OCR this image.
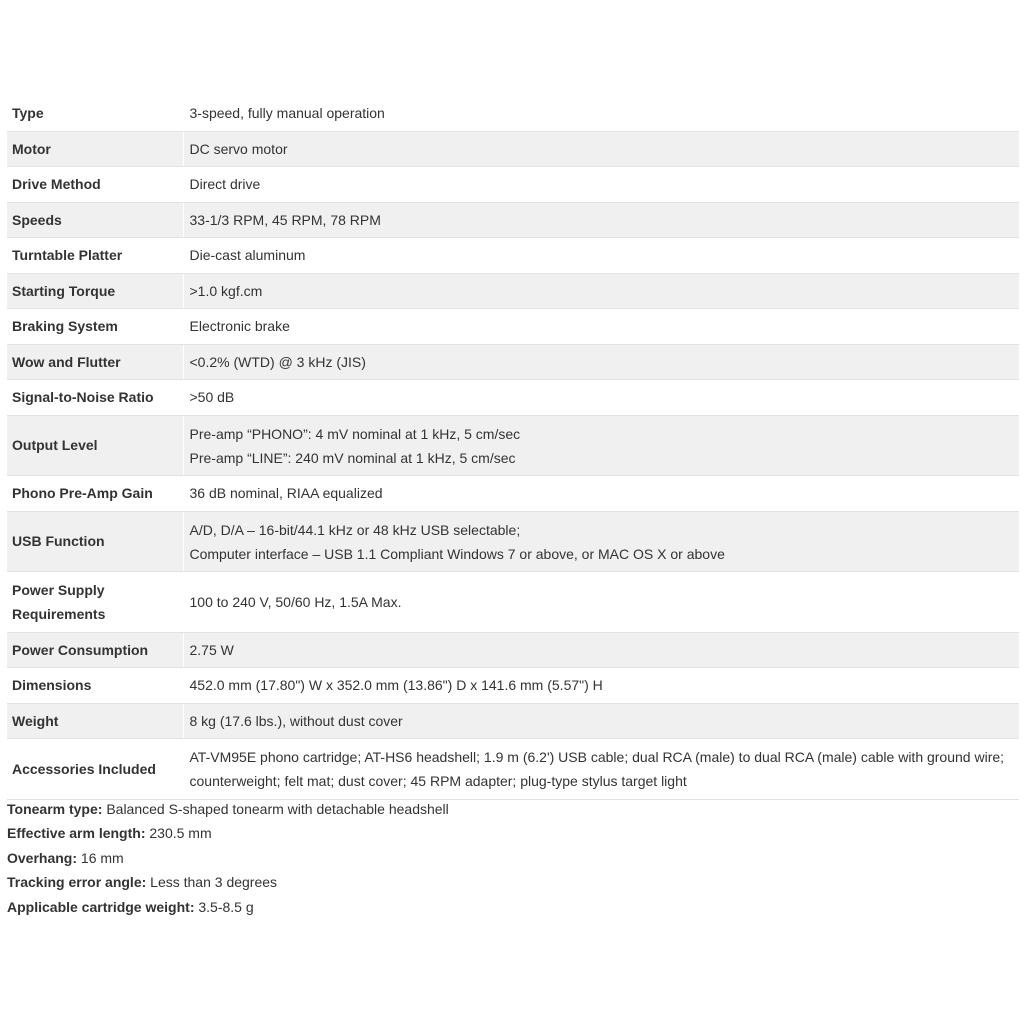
Type	3-speed, fully manual operation

Motor	DC servo motor

Drive Method	Direct drive

Speeds	33-1/3 RPM, 45 RPM, 78 RPM

Turntable Platter	Die-cast aluminum

Starting Torque	>1.0 kgf.cm

Braking System	Electronic brake

Wow and Flutter	<0.2% (WTD) @ 3 kHz (JIS)

Signal-to-Noise Ratio	>50 dB

Output Level	Pre-amp “PHONO”: 4 mV nominal at 1 kHz, 5 cm/sec
Pre-amp “LINE”: 240 mV nominal at 1 kHz, 5 cm/sec

Phono Pre-Amp Gain	36 dB nominal, RIAA equalized

USB Function	A/D, D/A – 16-bit/44.1 kHz or 48 kHz USB selectable;
Computer interface – USB 1.1 Compliant Windows 7 or above, or MAC OS X or above

Power Supply Requirements	100 to 240 V, 50/60 Hz, 1.5A Max.

Power Consumption	2.75 W

Dimensions	452.0 mm (17.80") W x 352.0 mm (13.86") D x 141.6 mm (5.57") H

Weight	8 kg (17.6 lbs.), without dust cover

Accessories Included	AT-VM95E phono cartridge; AT-HS6 headshell; 1.9 m (6.2') USB cable; dual RCA (male) to dual RCA (male) cable with ground wire;
counterweight; felt mat; dust cover; 45 RPM adapter; plug-type stylus target light
Tonearm type: Balanced S-shaped tonearm with detachable headshell
Effective arm length: 230.5 mm
Overhang: 16 mm
Tracking error angle: Less than 3 degrees
Applicable cartridge weight: 3.5-8.5 g
